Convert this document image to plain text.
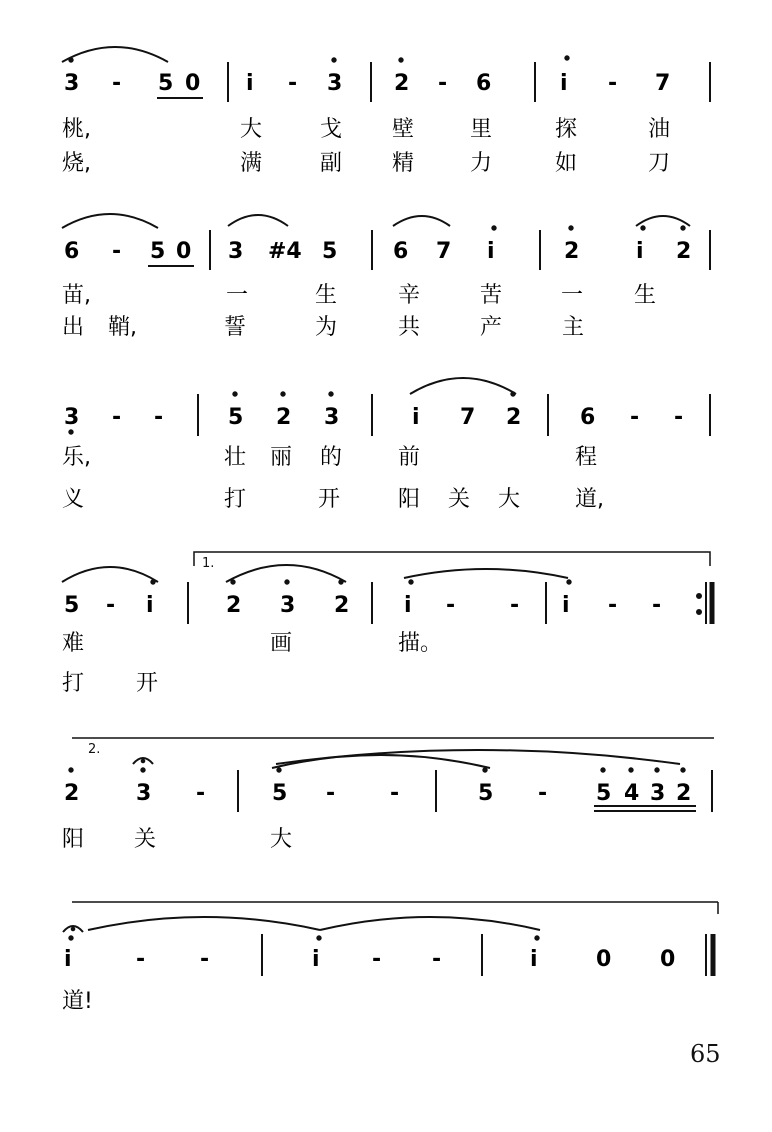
3 - 5 0 i - 3 2 - 6	i - 7
桃,	大	戈 壁	里	探	油
烧,	满	副 精	力	如	刀
6 - 5 0 3 #4 5	6 7 i	2	i 2
苗,	一	生	辛	苦	一 生
出 鞘,	誓	为	共	产	主
3 - -	5 2 3	i 7 2	6 - -
乐,	壮 丽 的	前	程
义	打	开	阳 关 大 道,
1.
5 - i	2 3 2 i - - i - -
难	画	描。
打 开
2.
2	3 -	5 - -	5 - 5 4 3 2
阳 关	大
i	- -	i - -	i	0 0
道!
65
